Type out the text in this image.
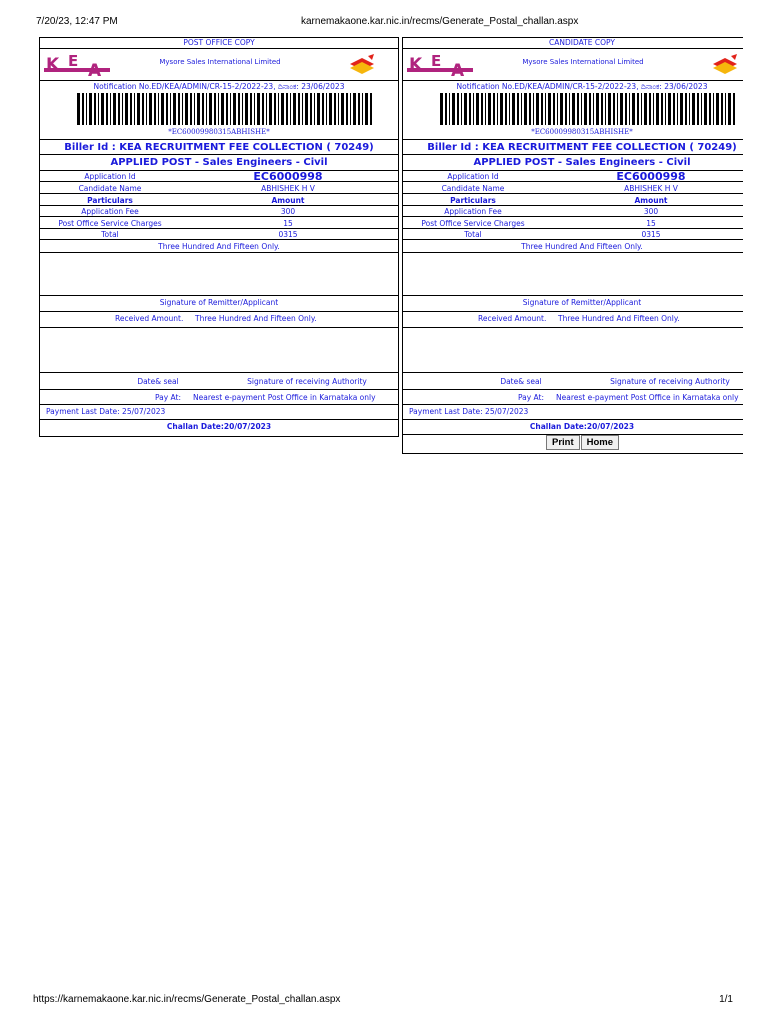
7/20/23, 12:47 PM	karnemakaone.kar.nic.in/recms/Generate_Postal_challan.aspx
POST OFFICE COPY
K E A	Mysore Sales International Limited
Notification No.ED/KEA/ADMIN/CR-15-2/2022-23, ದಿನಾಂಕ: 23/06/2023
*EC60009980315ABHISHE*
Biller Id : KEA RECRUITMENT FEE COLLECTION ( 70249)
APPLIED POST - Sales Engineers - Civil
Application Id	EC6000998
Candidate Name	ABHISHEK H V
Particulars	Amount
Application Fee	300
Post Office Service Charges	15
Total	0315
Three Hundred And Fifteen Only.
Signature of Remitter/Applicant
Received Amount. Three Hundred And Fifteen Only.
Date& seal	Signature of receiving Authority
Pay At:	Nearest e-payment Post Office in Karnataka only
Payment Last Date: 25/07/2023
Challan Date:20/07/2023
CANDIDATE COPY
K E A	Mysore Sales International Limited
Notification No.ED/KEA/ADMIN/CR-15-2/2022-23, ದಿನಾಂಕ: 23/06/2023
*EC60009980315ABHISHE*
Biller Id : KEA RECRUITMENT FEE COLLECTION ( 70249)
APPLIED POST - Sales Engineers - Civil
Application Id	EC6000998
Candidate Name	ABHISHEK H V
Particulars	Amount
Application Fee	300
Post Office Service Charges	15
Total	0315
Three Hundred And Fifteen Only.
Signature of Remitter/Applicant
Received Amount. Three Hundred And Fifteen Only.
Date& seal	Signature of receiving Authority
Pay At:	Nearest e-payment Post Office in Karnataka only
Payment Last Date: 25/07/2023
Challan Date:20/07/2023
Print Home
https://karnemakaone.kar.nic.in/recms/Generate_Postal_challan.aspx	1/1
